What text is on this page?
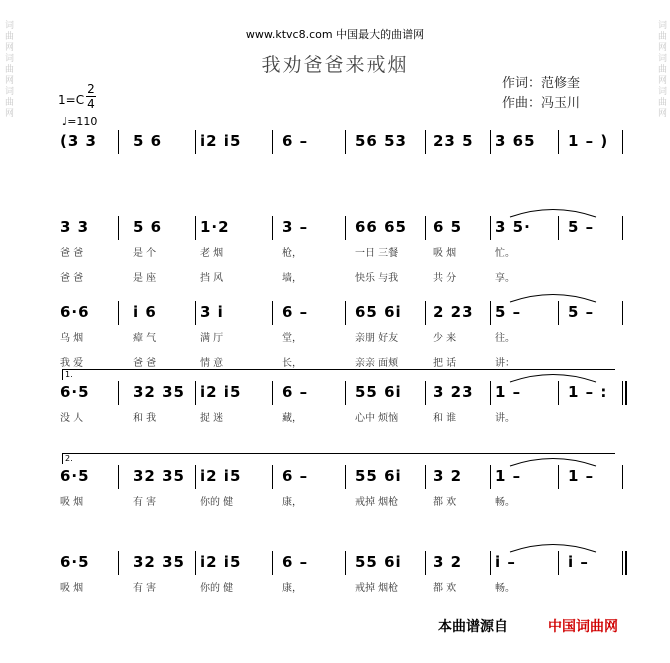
词曲网词曲网词曲网	词曲网词曲网词曲网
www.ktvc8.com 中国最大的曲谱网
我劝爸爸来戒烟
作词：范修奎
作曲：冯玉川
1=C
2
4
♩=110
(3 3 5 6	i2 i5	6 –	56 53 23 5 3 65 1 – )
3 3	5 6	1·2	3 –	66 65 6 5 3 5· 5 –
爸 爸	是 个	老 烟	枪，	一日 三餐	吸 烟	忙。
爸 爸	是 座	挡 风	墙，	快乐 与我	共 分	享。
6·6	i 6	3 i	6 –	65 6i 2 23 5 –	5 –
乌 烟	瘴 气	满 厅	堂，	亲朋 好友	少 来	往。
我 爱	爸 爸	情 意	长，	亲亲 面颊	把 话	讲：
6·5	32 35 i2 i5	6 –	55 6i 3 23 1 –	1 – :
没 人	和 我	捉 迷	藏，	心中 烦恼	和 谁	讲。
1.
6·5	32 35 i2 i5	6 –	55 6i 3 2 1 –	1 –
吸 烟	有 害	你的 健	康，	戒掉 烟枪	都 欢	畅。
2.
6·5	32 35 i2 i5	6 –	55 6i 3 2 i –	i –
吸 烟	有 害	你的 健	康，	戒掉 烟枪	都 欢	畅。
本曲谱源自	中国词曲网
